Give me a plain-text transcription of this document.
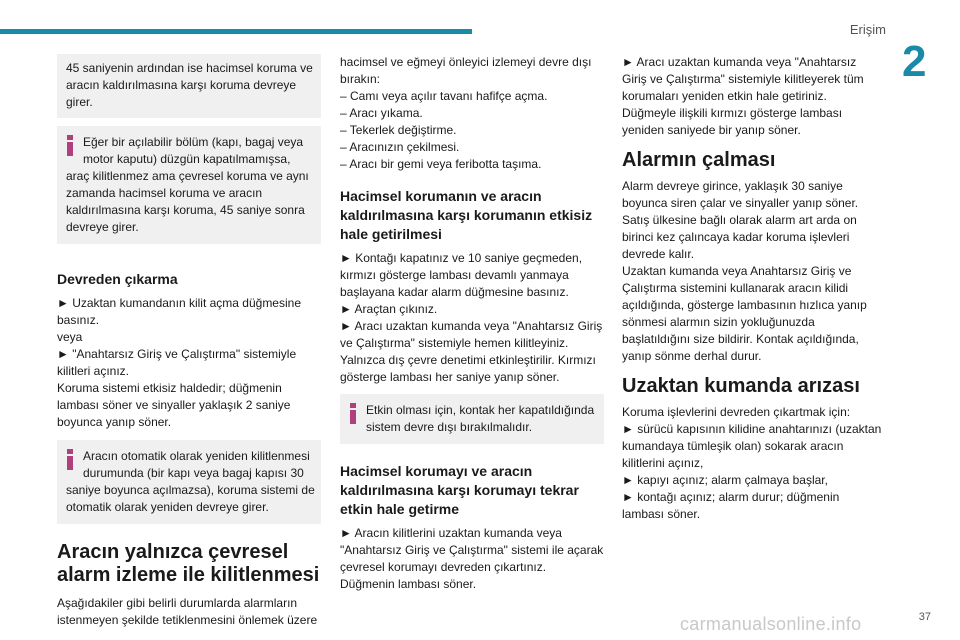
Erişim
2
45 saniyenin ardından ise hacimsel koruma ve aracın kaldırılmasına karşı koruma devreye girer.
Eğer bir açılabilir bölüm (kapı, bagaj veya motor kaputu) düzgün kapatılmamışsa, araç kilitlenmez ama çevresel koruma ve aynı zamanda hacimsel koruma ve aracın kaldırılmasına karşı koruma, 45 saniye sonra devreye girer.
Devreden çıkarma

► Uzaktan kumandanın kilit açma düğmesine basınız.

veya

► "Anahtarsız Giriş ve Çalıştırma" sistemiyle kilitleri açınız.

Koruma sistemi etkisiz haldedir; düğmenin lambası söner ve sinyaller yaklaşık 2 saniye boyunca yanıp söner.

Aracın otomatik olarak yeniden kilitlenmesi durumunda (bir kapı veya bagaj kapısı 30 saniye boyunca açılmazsa), koruma sistemi de otomatik olarak yeniden devreye girer.
Aracın yalnızca çevresel alarm izleme ile kilitlenmesi

Aşağıdakiler gibi belirli durumlarda alarmların istenmeyen şekilde tetiklenmesini önlemek üzere

hacimsel ve eğmeyi önleyici izlemeyi devre dışı bırakın:

– Camı veya açılır tavanı hafifçe açma.

– Aracı yıkama.

– Tekerlek değiştirme.

– Aracınızın çekilmesi.

– Aracı bir gemi veya feribotta taşıma.

Hacimsel korumanın ve aracın kaldırılmasına karşı korumanın etkisiz hale getirilmesi

► Kontağı kapatınız ve 10 saniye geçmeden, kırmızı gösterge lambası devamlı yanmaya başlayana kadar alarm düğmesine basınız.

► Araçtan çıkınız.

► Aracı uzaktan kumanda veya "Anahtarsız Giriş ve Çalıştırma" sistemiyle hemen kilitleyiniz.

Yalnızca dış çevre denetimi etkinleştirilir. Kırmızı gösterge lambası her saniye yanıp söner.

Etkin olması için, kontak her kapatıldığında sistem devre dışı bırakılmalıdır.
Hacimsel korumayı ve aracın kaldırılmasına karşı korumayı tekrar etkin hale getirme

► Aracın kilitlerini uzaktan kumanda veya "Anahtarsız Giriş ve Çalıştırma" sistemi ile açarak çevresel korumayı devreden çıkartınız.

Düğmenin lambası söner.

► Aracı uzaktan kumanda veya "Anahtarsız Giriş ve Çalıştırma" sistemiyle kilitleyerek tüm korumaları yeniden etkin hale getiriniz.

Düğmeyle ilişkili kırmızı gösterge lambası yeniden saniyede bir yanıp söner.

Alarmın çalması

Alarm devreye girince, yaklaşık 30 saniye boyunca siren çalar ve sinyaller yanıp söner.

Satış ülkesine bağlı olarak alarm art arda on birinci kez çalıncaya kadar koruma işlevleri devrede kalır.

Uzaktan kumanda veya Anahtarsız Giriş ve Çalıştırma sistemini kullanarak aracın kilidi açıldığında, gösterge lambasının hızlıca yanıp sönmesi alarmın sizin yokluğunuzda başlatıldığını size bildirir. Kontak açıldığında, yanıp sönme derhal durur.

Uzaktan kumanda arızası

Koruma işlevlerini devreden çıkartmak için:

► sürücü kapısının kilidine anahtarınızı (uzaktan kumandaya tümleşik olan) sokarak aracın kilitlerini açınız,

► kapıyı açınız; alarm çalmaya başlar,

► kontağı açınız; alarm durur; düğmenin lambası söner.

carmanualsonline.info	37
